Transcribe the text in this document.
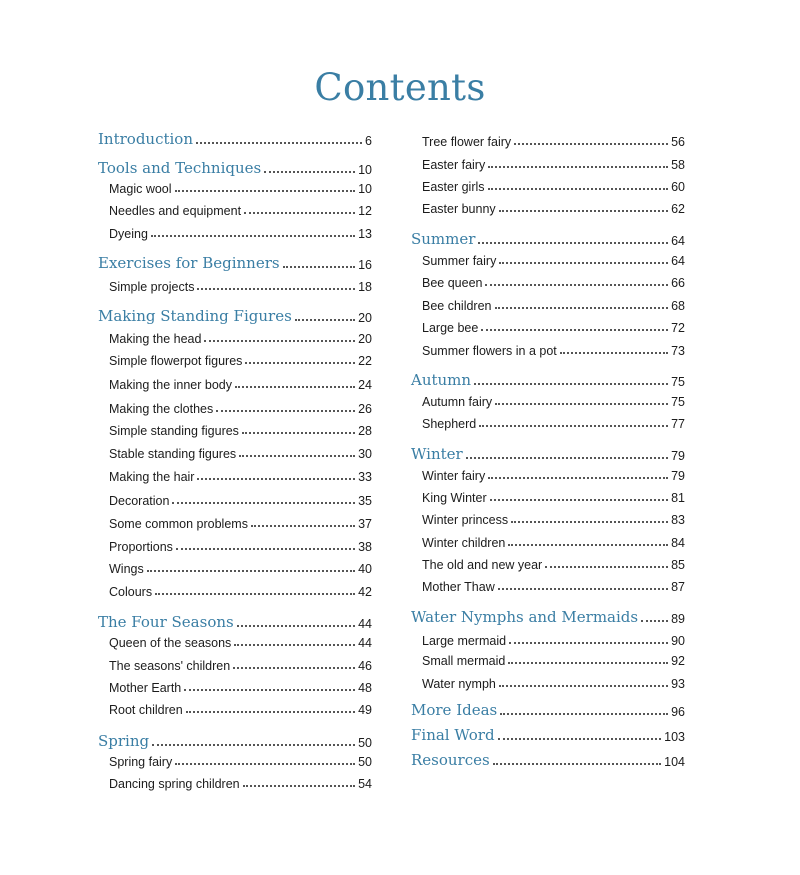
Contents
Introduction	6
Tools and Techniques	10
Magic wool	10
Needles and equipment	12
Dyeing	13
Exercises for Beginners	16
Simple projects	18
Making Standing Figures	20
Making the head	20
Simple flowerpot figures	22
Making the inner body	24
Making the clothes	26
Simple standing figures	28
Stable standing figures	30
Making the hair	33
Decoration	35
Some common problems	37
Proportions	38
Wings	40
Colours	42
The Four Seasons	44
Queen of the seasons	44
The seasons' children	46
Mother Earth	48
Root children	49
Spring	50
Spring fairy	50
Dancing spring children	54
Tree flower fairy	56
Easter fairy	58
Easter girls	60
Easter bunny	62
Summer	64
Summer fairy	64
Bee queen	66
Bee children	68
Large bee	72
Summer flowers in a pot	73
Autumn	75
Autumn fairy	75
Shepherd	77
Winter	79
Winter fairy	79
King Winter	81
Winter princess	83
Winter children	84
The old and new year	85
Mother Thaw	87
Water Nymphs and Mermaids	89
Large mermaid	90
Small mermaid	92
Water nymph	93
More Ideas	96
Final Word	103
Resources	104
